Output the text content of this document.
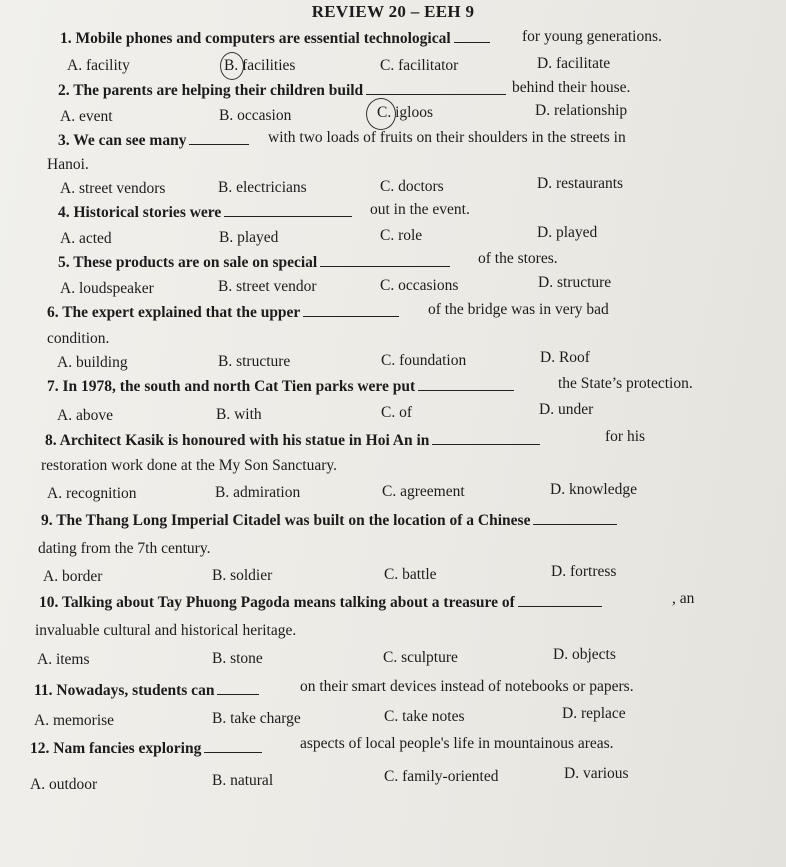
REVIEW 20 – EEH 9
1. Mobile phones and computers are essential technological	for young generations.
A. facility	B. facilities	C. facilitator	D. facilitate
2. The parents are helping their children build	behind their house.
A. event	B. occasion	C. igloos	D. relationship
3. We can see many	with two loads of fruits on their shoulders in the streets in
Hanoi.
A. street vendors	B. electricians	C. doctors	D. restaurants
4. Historical stories were	out in the event.
A. acted	B. played	C. role	D. played
5. These products are on sale on special	of the stores.
A. loudspeaker	B. street vendor	C. occasions	D. structure
6. The expert explained that the upper	of the bridge was in very bad
condition.
A. building	B. structure	C. foundation	D. Roof
7. In 1978, the south and north Cat Tien parks were put	the State’s protection.
A. above	B. with	C. of	D. under
8. Architect Kasik is honoured with his statue in Hoi An in	for his
restoration work done at the My Son Sanctuary.
A. recognition	B. admiration	C. agreement	D. knowledge
9. The Thang Long Imperial Citadel was built on the location of a Chinese
dating from the 7th century.
A. border	B. soldier	C. battle	D. fortress
10. Talking about Tay Phuong Pagoda means talking about a treasure of	, an
invaluable cultural and historical heritage.
A. items	B. stone	C. sculpture	D. objects
11. Nowadays, students can	on their smart devices instead of notebooks or papers.
A. memorise	B. take charge	C. take notes	D. replace
12. Nam fancies exploring	aspects of local people's life in mountainous areas.
A. outdoor	B. natural	C. family-oriented	D. various
